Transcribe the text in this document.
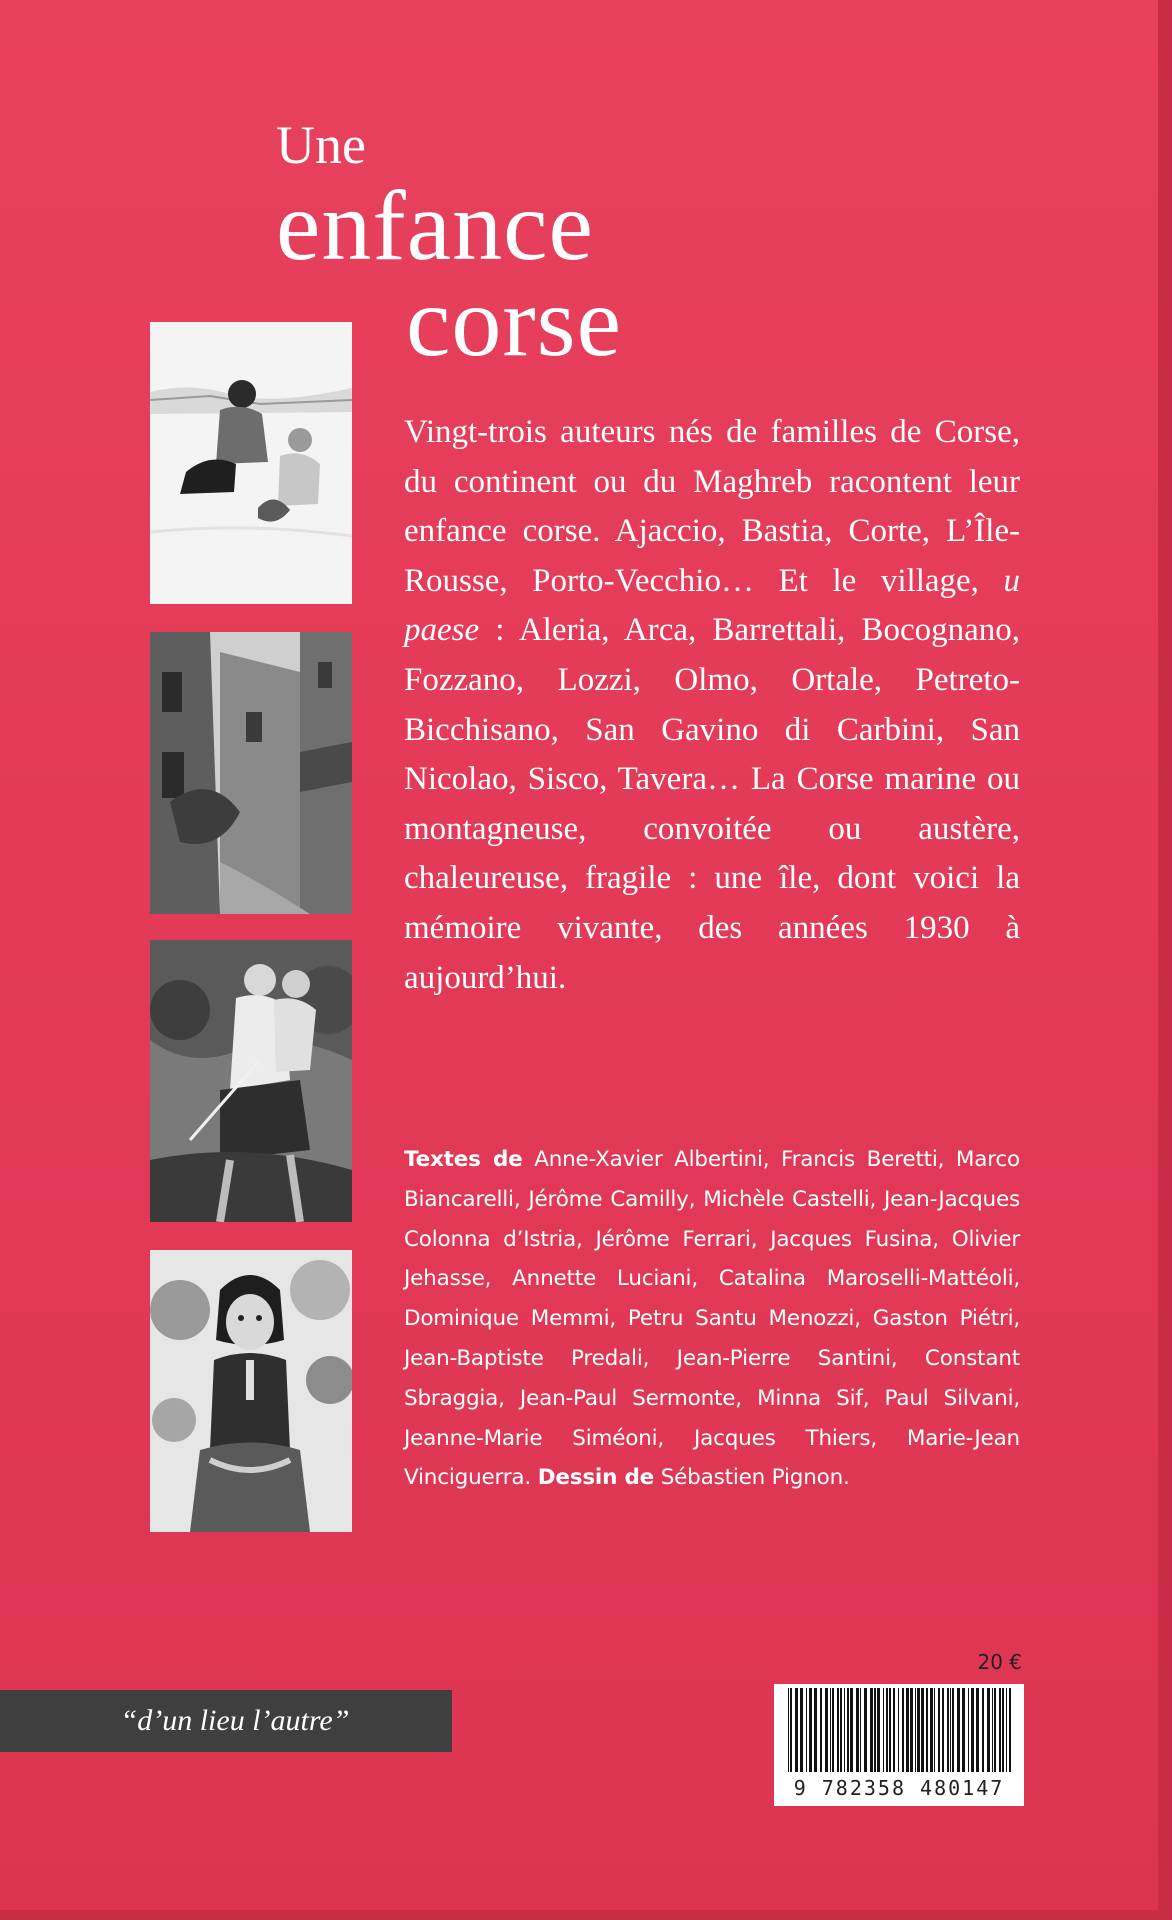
Une
enfance
corse

Vingt-trois auteurs nés de familles de Corse, du continent ou du Maghreb racontent leur enfance corse. Ajaccio, Bastia, Corte, L’Île-Rousse, Porto-Vecchio… Et le village, u paese : Aleria, Arca, Barrettali, Bocognano, Fozzano, Lozzi, Olmo, Ortale, Petreto-Bicchisano, San Gavino di Carbini, San Nicolao, Sisco, Tavera… La Corse marine ou montagneuse, convoitée ou austère, chaleureuse, fragile : une île, dont voici la mémoire vivante, des années 1930 à aujourd’hui.

Textes de Anne-Xavier Albertini, Francis Beretti, Marco Biancarelli, Jérôme Camilly, Michèle Castelli, Jean-Jacques Colonna d’Istria, Jérôme Ferrari, Jacques Fusina, Olivier Jehasse, Annette Luciani, Catalina Maroselli-Mattéoli, Dominique Memmi, Petru Santu Menozzi, Gaston Piétri, Jean-Baptiste Predali, Jean-Pierre Santini, Constant Sbraggia, Jean-Paul Sermonte, Minna Sif, Paul Silvani, Jeanne-Marie Siméoni, Jacques Thiers, Marie-Jean Vinciguerra. Dessin de Sébastien Pignon.

“d’un lieu l’autre”
20 €
9 782358 480147
